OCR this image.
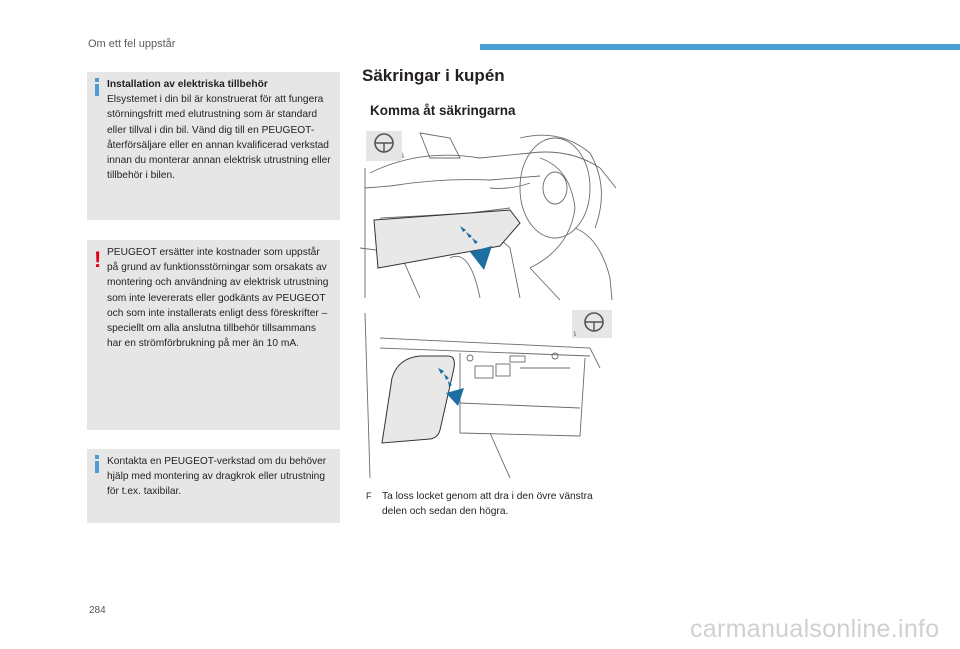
Om ett fel uppstår
Installation av elektriska tillbehör
Elsystemet i din bil är konstruerat för att fungera störningsfritt med elutrustning som är standard eller tillval i din bil. Vänd dig till en PEUGEOT-återförsäljare eller en annan kvalificerad verkstad innan du monterar annan elektrisk utrustning eller tillbehör i bilen.
! PEUGEOT ersätter inte kostnader som uppstår på grund av funktionsstörningar som orsakats av montering och användning av elektrisk utrustning som inte levererats eller godkänts av PEUGEOT och som inte installerats enligt dess föreskrifter – speciellt om alla anslutna tillbehör tillsammans har en strömförbrukning på mer än 10 mA.
Kontakta en PEUGEOT-verkstad om du behöver hjälp med montering av dragkrok eller utrustning för t.ex. taxibilar.
Säkringar i kupén
Komma åt säkringarna
⇂
⇂
F	Ta loss locket genom att dra i den övre vänstra delen och sedan den högra.
284
carmanualsonline.info
